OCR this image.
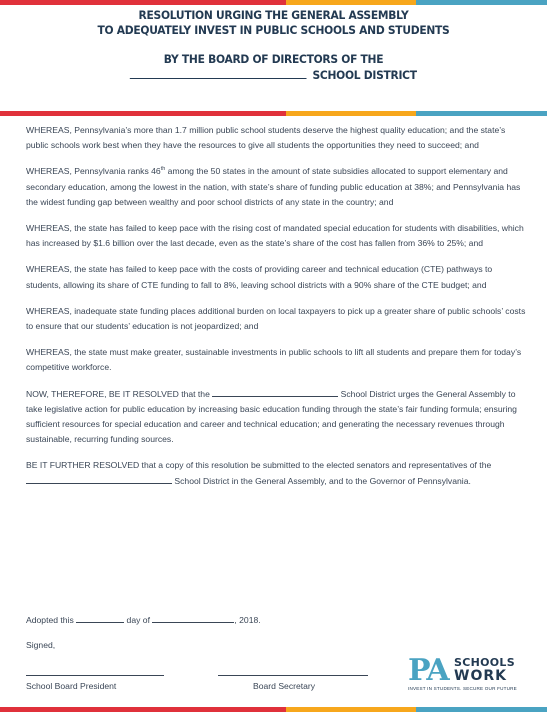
RESOLUTION URGING THE GENERAL ASSEMBLY
TO ADEQUATELY INVEST IN PUBLIC SCHOOLS AND STUDENTS
BY THE BOARD OF DIRECTORS OF THE
SCHOOL DISTRICT

WHEREAS, Pennsylvania’s more than 1.7 million public school students deserve the highest quality education; and the state’s public schools work best when they have the resources to give all students the opportunities they need to succeed; and

WHEREAS, Pennsylvania ranks 46th among the 50 states in the amount of state subsidies allocated to support elementary and secondary education, among the lowest in the nation, with state’s share of funding public education at 38%; and Pennsylvania has the widest funding gap between wealthy and poor school districts of any state in the country; and

WHEREAS, the state has failed to keep pace with the rising cost of mandated special education for students with disabilities, which has increased by $1.6 billion over the last decade, even as the state’s share of the cost has fallen from 36% to 25%; and

WHEREAS, the state has failed to keep pace with the costs of providing career and technical education (CTE) pathways to students, allowing its share of CTE funding to fall to 8%, leaving school districts with a 90% share of the CTE budget; and

WHEREAS, inadequate state funding places additional burden on local taxpayers to pick up a greater share of public schools’ costs to ensure that our students’ education is not jeopardized; and

WHEREAS, the state must make greater, sustainable investments in public schools to lift all students and prepare them for today’s competitive workforce.

NOW, THEREFORE, BE IT RESOLVED that the	School District urges the General Assembly to take legislative action for public education by increasing basic education funding through the state’s fair funding formula; ensuring sufficient resources for special education and career and technical education; and generating the necessary revenues through sustainable, recurring funding sources.

BE IT FURTHER RESOLVED that a copy of this resolution be submitted to the elected senators and representatives of the  School District in the General Assembly, and to the Governor of Pennsylvania.

Adopted this	day of	, 2018.
Signed,
School Board President	Board Secretary	PA SCHOOLS
WORK
INVEST IN STUDENTS. SECURE OUR FUTURE
